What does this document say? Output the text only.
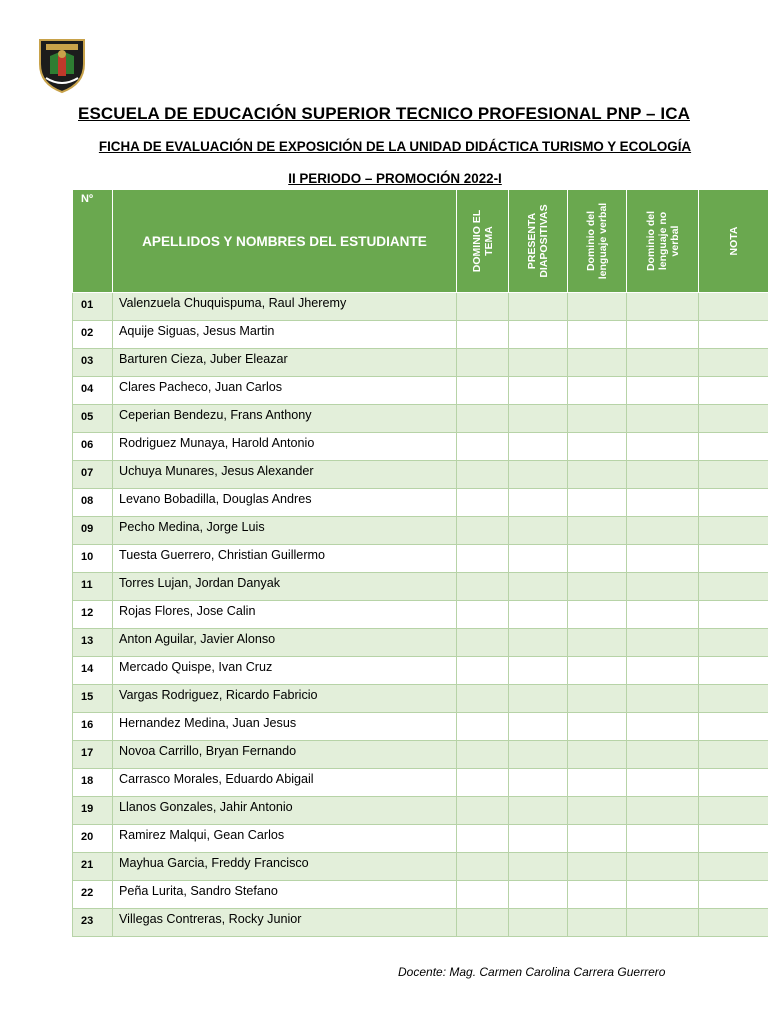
ESCUELA DE EDUCACIÓN SUPERIOR TECNICO PROFESIONAL PNP – ICA
FICHA DE EVALUACIÓN DE EXPOSICIÓN DE LA UNIDAD DIDÁCTICA TURISMO Y ECOLOGÍA
II PERIODO – PROMOCIÓN 2022-I
Nº	APELLIDOS Y NOMBRES DEL ESTUDIANTE	DOMINIO EL TEMA	PRESENTA DIAPOSITIVAS	Dominio del lenguaje verbal	Dominio del lenguaje no verbal	NOTA

01	Valenzuela Chuquispuma, Raul Jheremy					
02	Aquije Siguas, Jesus Martin					
03	Barturen Cieza, Juber Eleazar					
04	Clares Pacheco, Juan Carlos					
05	Ceperian Bendezu, Frans Anthony					
06	Rodriguez Munaya, Harold Antonio					
07	Uchuya Munares, Jesus Alexander					
08	Levano Bobadilla, Douglas Andres					
09	Pecho Medina, Jorge Luis					
10	Tuesta Guerrero, Christian Guillermo					
11	Torres Lujan, Jordan Danyak					
12	Rojas Flores, Jose Calin					
13	Anton Aguilar, Javier Alonso					
14	Mercado Quispe, Ivan Cruz					
15	Vargas Rodriguez, Ricardo Fabricio					
16	Hernandez Medina, Juan Jesus					
17	Novoa Carrillo, Bryan Fernando					
18	Carrasco Morales, Eduardo Abigail					
19	Llanos Gonzales, Jahir Antonio					
20	Ramirez Malqui, Gean Carlos					
21	Mayhua Garcia, Freddy Francisco					
22	Peña Lurita, Sandro Stefano					
23	Villegas Contreras, Rocky Junior					
Docente: Mag. Carmen Carolina Carrera Guerrero
